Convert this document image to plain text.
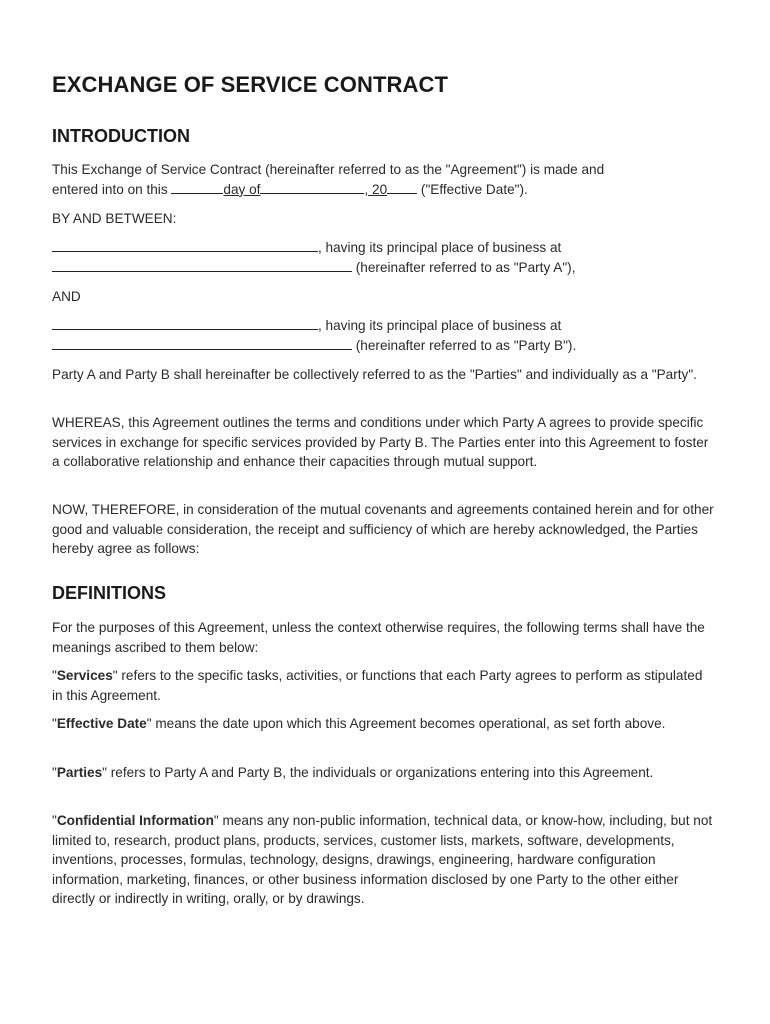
EXCHANGE OF SERVICE CONTRACT
INTRODUCTION

This Exchange of Service Contract (hereinafter referred to as the "Agreement") is made and

entered into on this	day of	, 20 ("Effective Date").

BY AND BETWEEN:

, having its principal place of business at

(hereinafter referred to as "Party A"),

AND

, having its principal place of business at

(hereinafter referred to as "Party B").

Party A and Party B shall hereinafter be collectively referred to as the "Parties" and individually as a "Party".

WHEREAS, this Agreement outlines the terms and conditions under which Party A agrees to provide specific services in exchange for specific services provided by Party B. The Parties enter into this Agreement to foster a collaborative relationship and enhance their capacities through mutual support.

NOW, THEREFORE, in consideration of the mutual covenants and agreements contained herein and for other good and valuable consideration, the receipt and sufficiency of which are hereby acknowledged, the Parties hereby agree as follows:

DEFINITIONS

For the purposes of this Agreement, unless the context otherwise requires, the following terms shall have the meanings ascribed to them below:

"Services" refers to the specific tasks, activities, or functions that each Party agrees to perform as stipulated in this Agreement.

"Effective Date" means the date upon which this Agreement becomes operational, as set forth above.

"Parties" refers to Party A and Party B, the individuals or organizations entering into this Agreement.

"Confidential Information" means any non-public information, technical data, or know-how, including, but not limited to, research, product plans, products, services, customer lists, markets, software, developments, inventions, processes, formulas, technology, designs, drawings, engineering, hardware configuration information, marketing, finances, or other business information disclosed by one Party to the other either directly or indirectly in writing, orally, or by drawings.
